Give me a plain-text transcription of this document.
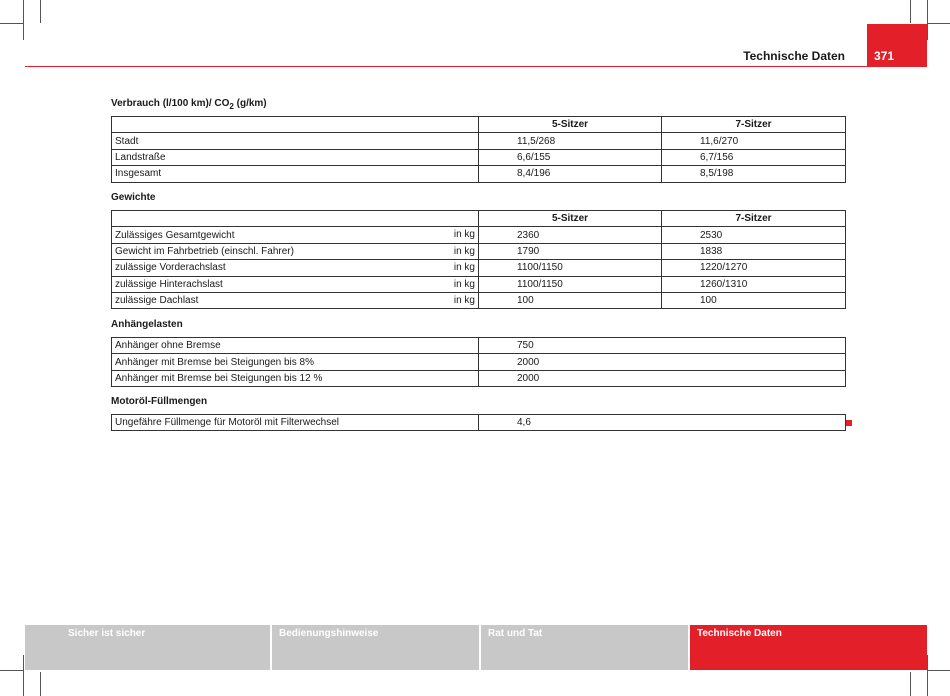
Technische Daten	371
Verbrauch (l/100 km)/ $CO_2$ (g/km)
	5-Sitzer	7-Sitzer
Stadt	11,5/268	11,6/270
Landstraße	6,6/155	6,7/156
Insgesamt	8,4/196	8,5/198
Gewichte
	5-Sitzer	7-Sitzer
Zulässiges Gesamtgewicht in kg	2360	2530
Gewicht im Fahrbetrieb (einschl. Fahrer) in kg	1790	1838
zulässige Vorderachslast in kg	1100/1150	1220/1270
zulässige Hinterachslast in kg	1100/1150	1260/1310
zulässige Dachlast in kg	100	100
Anhängelasten
Anhänger ohne Bremse	750
Anhänger mit Bremse bei Steigungen bis 8%	2000
Anhänger mit Bremse bei Steigungen bis 12 %	2000
Motoröl-Füllmengen
Ungefähre Füllmenge für Motoröl mit Filterwechsel	4,6
Sicher ist sicher	Bedienungshinweise	Rat und Tat	Technische Daten
